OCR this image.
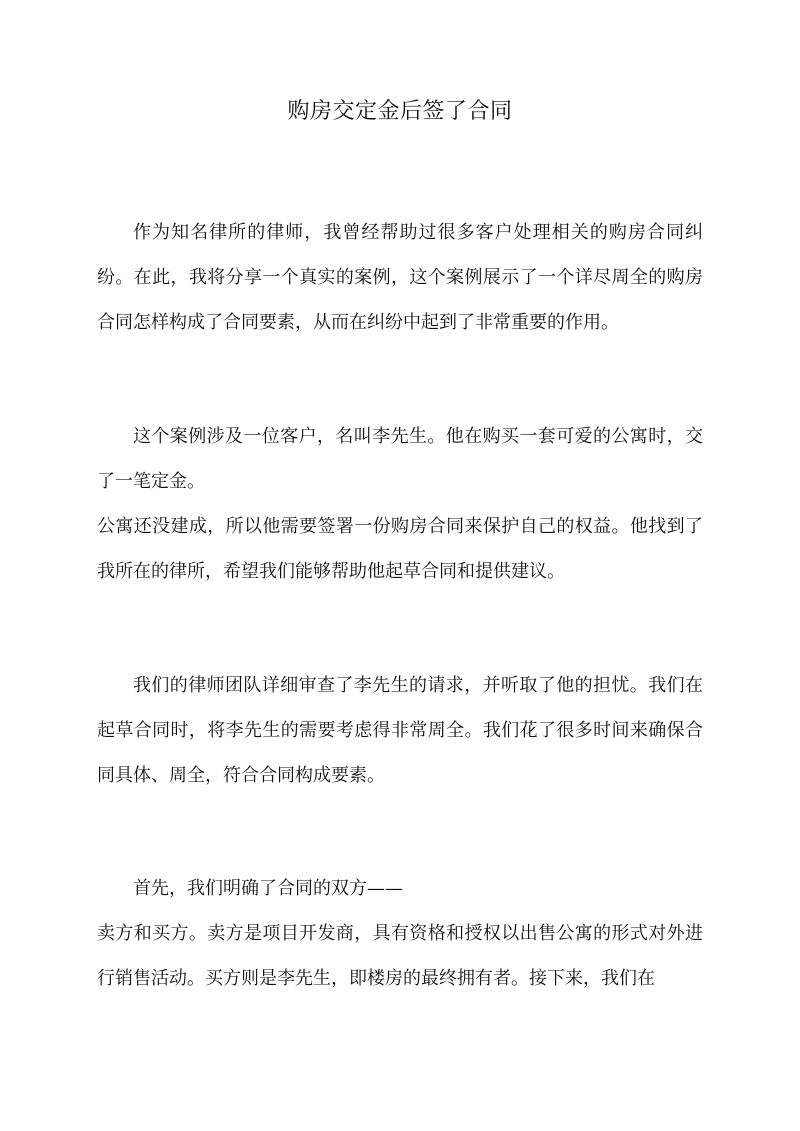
购房交定金后签了合同
作为知名律所的律师，我曾经帮助过很多客户处理相关的购房合同纠纷。在此，我将分享一个真实的案例，这个案例展示了一个详尽周全的购房合同怎样构成了合同要素，从而在纠纷中起到了非常重要的作用。
这个案例涉及一位客户，名叫李先生。他在购买一套可爱的公寓时，交了一笔定金。
公寓还没建成，所以他需要签署一份购房合同来保护自己的权益。他找到了我所在的律所，希望我们能够帮助他起草合同和提供建议。
我们的律师团队详细审查了李先生的请求，并听取了他的担忧。我们在起草合同时，将李先生的需要考虑得非常周全。我们花了很多时间来确保合同具体、周全，符合合同构成要素。
首先，我们明确了合同的双方——
卖方和买方。卖方是项目开发商，具有资格和授权以出售公寓的形式对外进行销售活动。买方则是李先生，即楼房的最终拥有者。接下来，我们在
